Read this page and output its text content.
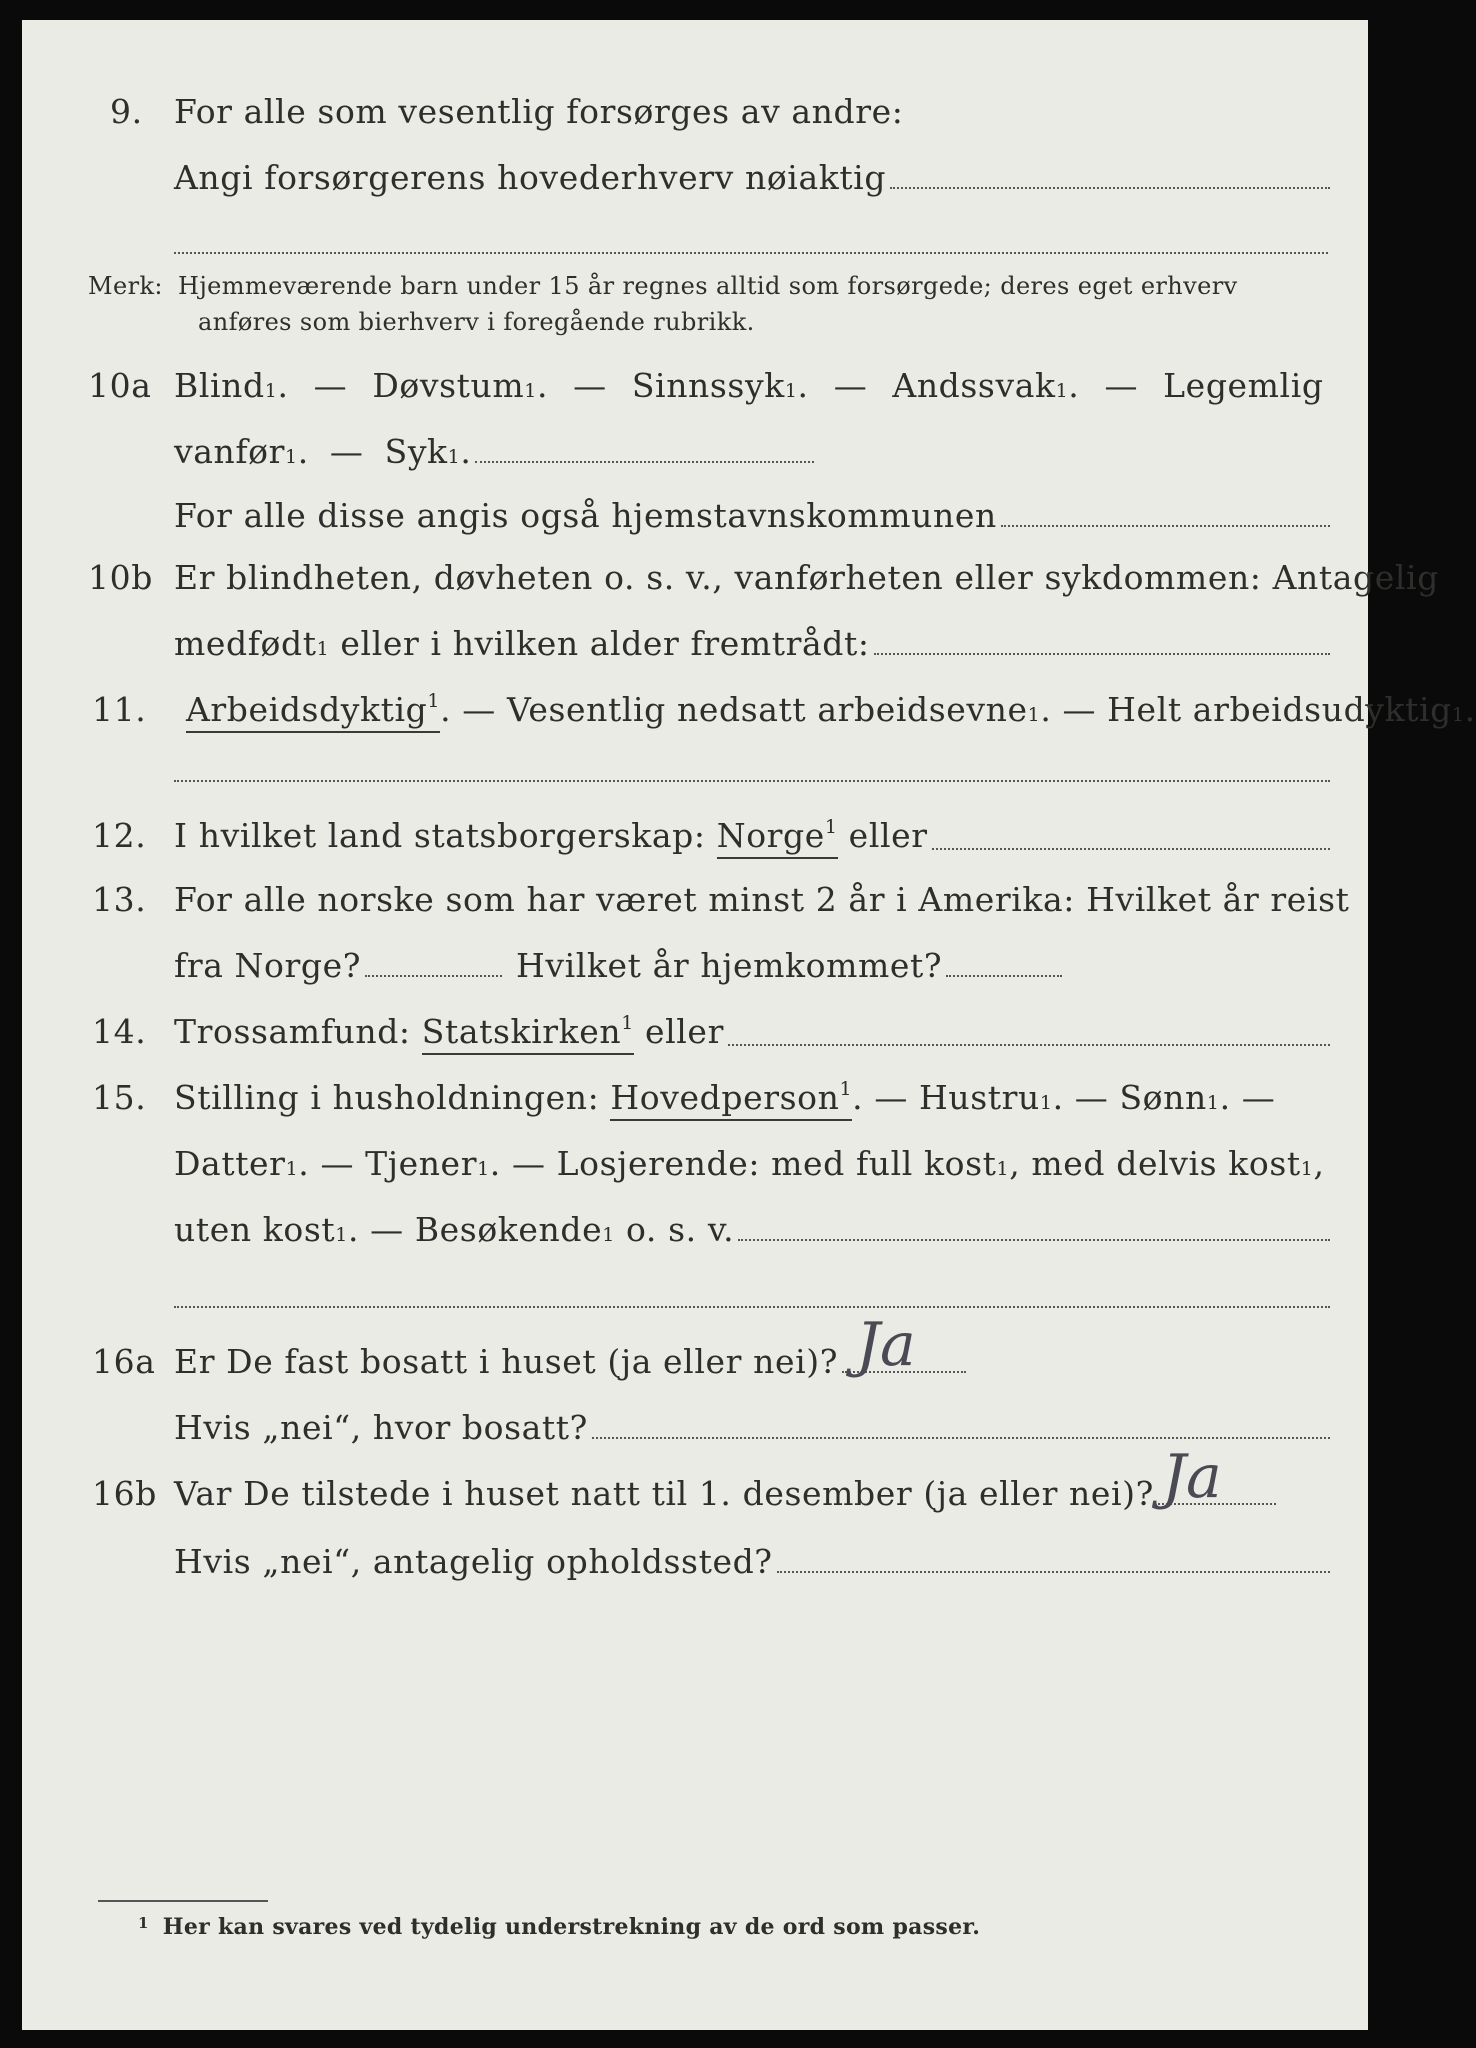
9. For alle som vesentlig forsørges av andre:
Angi forsørgerens hovederhverv nøiaktig
Merk: Hjemmeværende barn under 15 år regnes alltid som forsørgede; deres eget erhverv
anføres som bierhverv i foregående rubrikk.
10a Blind 1 . — Døvstum 1 . — Sinnssyk 1 . — Andssvak 1 . — Legemlig
vanfør 1 . — Syk 1 .
For alle disse angis også hjemstavnskommunen
10b Er blindheten, døvheten o. s. v., vanførheten eller sykdommen: Antagelig
medfødt 1 eller i hvilken alder fremtrådt:
11.	Arbeidsdyktig$^1$ . — Vesentlig nedsatt arbeidsevne 1 . — Helt arbeidsudyktig 1 .
12. I hvilket land statsborgerskap: Norge$^1$ eller
13. For alle norske som har været minst 2 år i Amerika: Hvilket år reist
fra Norge?	Hvilket år hjemkommet?
14. Trossamfund: Statskirken$^1$ eller
15. Stilling i husholdningen: Hovedperson$^1$ . — Hustru 1 . — Sønn 1 . —
Datter 1 . — Tjener 1 . — Losjerende: med full kost 1 , med delvis kost 1 ,
uten kost 1 . — Besøkende 1 o. s. v.
16a Er De fast bosatt i huset (ja eller nei)? Ja
Hvis „nei“, hvor bosatt?
16b Var De tilstede i huset natt til 1. desember (ja eller nei)? Ja
Hvis „nei“, antagelig opholdssted?
$^1$ Her kan svares ved tydelig understrekning av de ord som passer.
